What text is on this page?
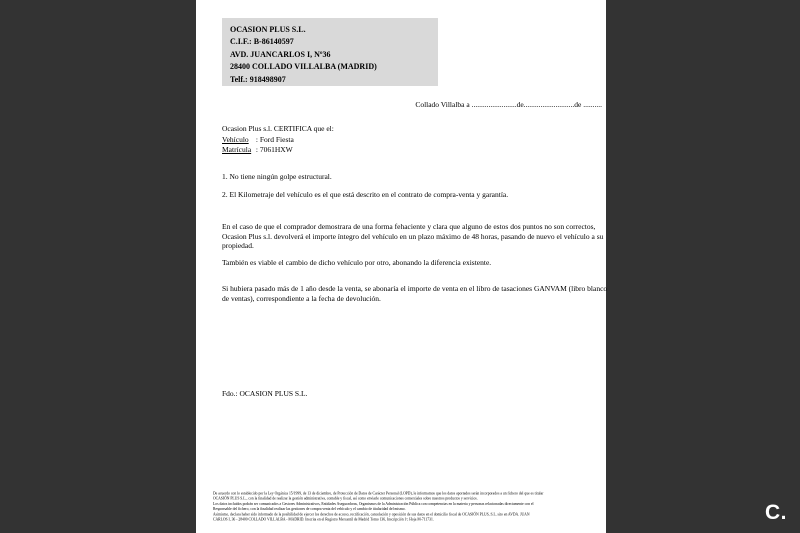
OCASION PLUS S.L.
C.I.F.: B-86140597
AVD. JUANCARLOS I, Nº36
28400 COLLADO VILLALBA (MADRID)
Telf.: 918498907
Collado Villalba a ........................de...........................de ..........
Ocasion Plus s.l. CERTIFICA que el:
Vehículo : Ford Fiesta
Matrícula : 7061HXW
1. No tiene ningún golpe estructural.
2. El Kilometraje del vehículo es el que está descrito en el contrato de compra-venta y garantía.
En el caso de que el comprador demostrara de una forma fehaciente y clara que alguno de estos dos puntos no son correctos, Ocasion Plus s.l. devolverá el importe íntegro del vehículo en un plazo máximo de 48 horas, pasando de nuevo el vehículo a su propiedad.
También es viable el cambio de dicho vehículo por otro, abonando la diferencia existente.
Si hubiera pasado más de 1 año desde la venta, se abonaría el importe de venta en el libro de tasaciones GANVAM (libro blanco de ventas), correspondiente a la fecha de devolución.
Fdo.: OCASION PLUS S.L.
De acuerdo con lo establecido por la Ley Orgánica 15/1999, de 13 de diciembre, de Protección de Datos de Carácter Personal (LOPD), le informamos que los datos aportados serán incorporados a un fichero del que es titular
OCASIÓN PLUS S.L., con la finalidad de realizar la gestión administrativa, contable y fiscal, así como enviarle comunicaciones comerciales sobre nuestros productos y servicios.
Los datos incluidos podrán ser comunicados a Gestores Administrativos, Entidades Aseguradoras, Organismos de la Administración Pública con competencias en la materia y personas relacionadas directamente con el
Responsable del fichero, con la finalidad realizar las gestiones de compra venta del vehículo y el cambio de titularidad del mismo.
Asimismo, declara haber sido informado de la posibilidad de ejercer los derechos de acceso, rectificación, cancelación y oposición de sus datos en el domicilio fiscal de OCASIÓN PLUS, S.L. sito en AVDA. JUAN
CARLOS I, 36 - 28400 COLLADO VILLALBA - MADRID. Inscrita en el Registro Mercantil de Madrid Tomo 136, Inscripción 1ª, Hoja M-711731.	C.
